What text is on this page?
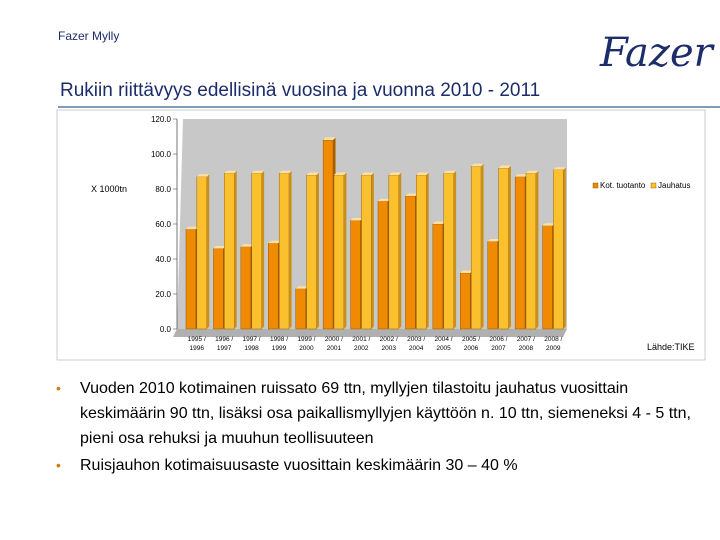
Fazer Mylly	Fazer
Rukiin riittävyys edellisinä vuosina ja vuonna 2010 - 2011
0.0
20.0
40.0
60.0
80.0
100.0
120.0
1995 /
1996
1996 /
1997
1997 /
1998
1998 /
1999
1999 /
2000
2000 /
2001
2001 /
2002
2002 /
2003
2003 /
2004
2004 /
2005
2005 /
2006
2006 /
2007
2007 /
2008
2008 /
2009
X 1000tn
Lähde:TIKE
Kot. tuotanto Jauhatus
• Vuoden 2010 kotimainen ruissato 69 ttn, myllyjen tilastoitu jauhatus vuosittain keskimäärin 90 ttn, lisäksi osa paikallismyllyjen käyttöön n. 10 ttn, siemeneksi 4 - 5 ttn, pieni osa rehuksi ja muuhun teollisuuteen
• Ruisjauhon kotimaisuusaste vuosittain keskimäärin 30 – 40 %
